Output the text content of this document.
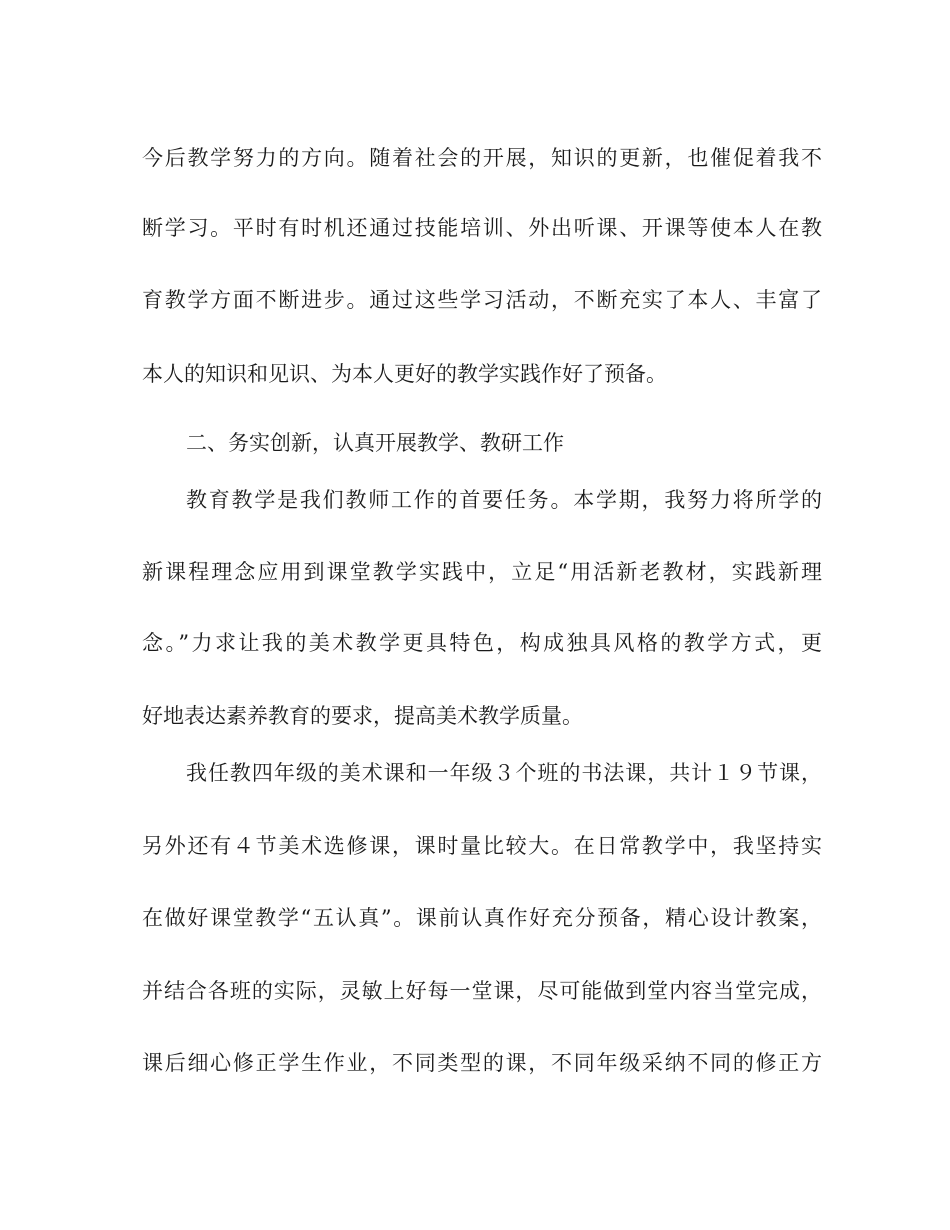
今后教学努力的方向。随着社会的开展，知识的更新，也催促着我不
断学习。平时有时机还通过技能培训、外出听课、开课等使本人在教
育教学方面不断进步。通过这些学习活动，不断充实了本人、丰富了
本人的知识和见识、为本人更好的教学实践作好了预备。
二、务实创新，认真开展教学、教研工作
教育教学是我们教师工作的首要任务。本学期，我努力将所学的
新课程理念应用到课堂教学实践中，立足“用活新老教材，实践新理
念。”力求让我的美术教学更具特色，构成独具风格的教学方式，更
好地表达素养教育的要求，提高美术教学质量。
我任教四年级的美术课和一年级３个班的书法课，共计１９节课，
另外还有４节美术选修课，课时量比较大。在日常教学中，我坚持实
在做好课堂教学“五认真”。课前认真作好充分预备，精心设计教案，
并结合各班的实际，灵敏上好每一堂课，尽可能做到堂内容当堂完成，
课后细心修正学生作业，不同类型的课，不同年级采纳不同的修正方
